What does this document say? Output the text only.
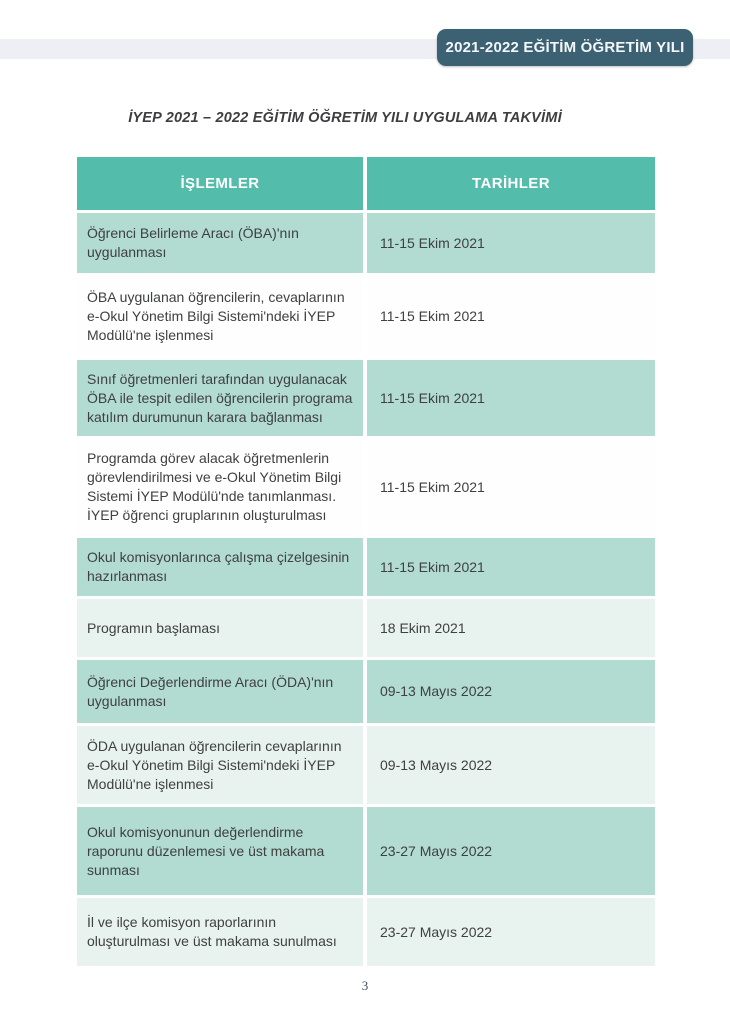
2021-2022 EĞİTİM ÖĞRETİM YILI
İYEP 2021 – 2022 EĞİTİM ÖĞRETİM YILI UYGULAMA TAKVİMİ
İŞLEMLER	TARİHLER
Öğrenci Belirleme Aracı (ÖBA)'nın uygulanması
11-15 Ekim 2021
ÖBA uygulanan öğrencilerin, cevaplarının e-Okul Yönetim Bilgi Sistemi'ndeki İYEP Modülü'ne işlenmesi
11-15 Ekim 2021
Sınıf öğretmenleri tarafından uygulanacak ÖBA ile tespit edilen öğrencilerin programa katılım durumunun karara bağlanması
11-15 Ekim 2021
Programda görev alacak öğretmenlerin görevlendirilmesi ve e-Okul Yönetim Bilgi Sistemi İYEP Modülü'nde tanımlanması. İYEP öğrenci gruplarının oluşturulması
11-15 Ekim 2021
Okul komisyonlarınca çalışma çizelgesinin hazırlanması
11-15 Ekim 2021
Programın başlaması	18 Ekim 2021
Öğrenci Değerlendirme Aracı (ÖDA)'nın uygulanması
09-13 Mayıs 2022
ÖDA uygulanan öğrencilerin cevaplarının e-Okul Yönetim Bilgi Sistemi'ndeki İYEP Modülü'ne işlenmesi
09-13 Mayıs 2022
Okul komisyonunun değerlendirme raporunu düzenlemesi ve üst makama sunması
23-27 Mayıs 2022
İl ve ilçe komisyon raporlarının oluşturulması ve üst makama sunulması
23-27 Mayıs 2022
3
